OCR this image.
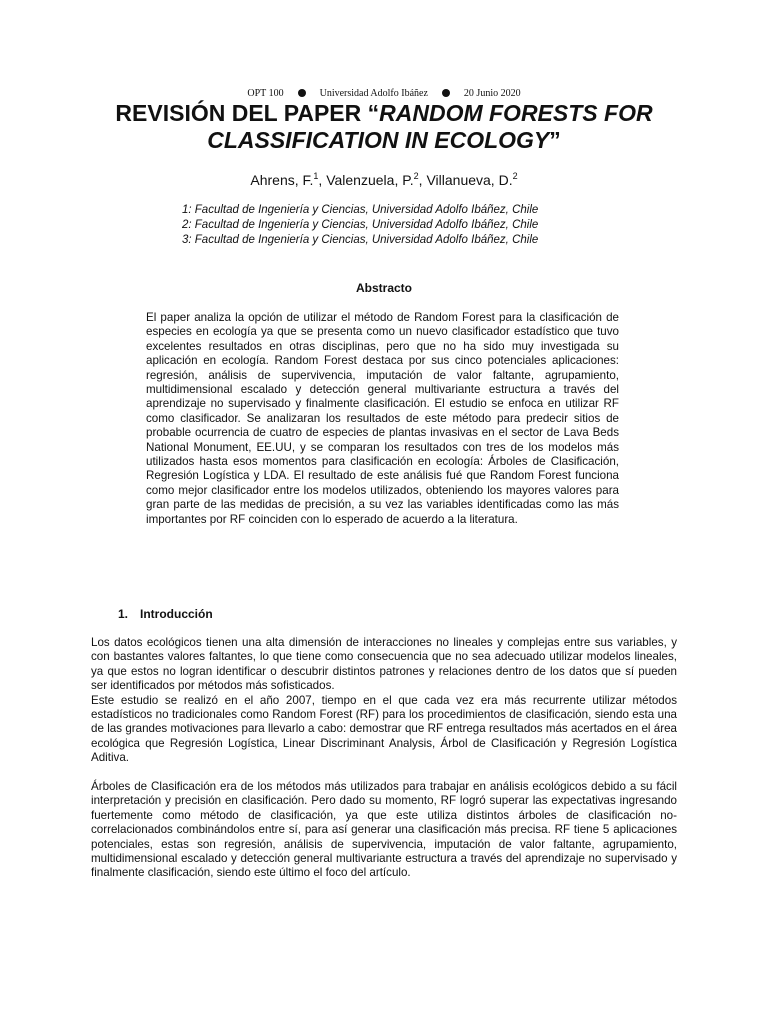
OPT 100	Universidad Adolfo Ibáñez	20 Junio 2020
REVISIÓN DEL PAPER “RANDOM FORESTS FOR CLASSIFICATION IN ECOLOGY”
Ahrens, F.$^1$, Valenzuela, P.$^2$, Villanueva, D.$^2$
1: Facultad de Ingeniería y Ciencias, Universidad Adolfo Ibáñez, Chile
2: Facultad de Ingeniería y Ciencias, Universidad Adolfo Ibáñez, Chile
3: Facultad de Ingeniería y Ciencias, Universidad Adolfo Ibáñez, Chile
Abstracto
El paper analiza la opción de utilizar el método de Random Forest para la clasificación de especies en ecología ya que se presenta como un nuevo clasificador estadístico que tuvo excelentes resultados en otras disciplinas, pero que no ha sido muy investigada su aplicación en ecología. Random Forest destaca por sus cinco potenciales aplicaciones: regresión, análisis de supervivencia, imputación de valor faltante, agrupamiento, multidimensional escalado y detección general multivariante estructura a través del aprendizaje no supervisado y finalmente clasificación. El estudio se enfoca en utilizar RF como clasificador. Se analizaran los resultados de este método para predecir sitios de probable ocurrencia de cuatro de especies de plantas invasivas en el sector de Lava Beds National Monument, EE.UU, y se comparan los resultados con tres de los modelos más utilizados hasta esos momentos para clasificación en ecología: Árboles de Clasificación, Regresión Logística y LDA. El resultado de este análisis fué que Random Forest funciona como mejor clasificador entre los modelos utilizados, obteniendo los mayores valores para gran parte de las medidas de precisión, a su vez las variables identificadas como las más importantes por RF coinciden con lo esperado de acuerdo a la literatura.
1. Introducción

Los datos ecológicos tienen una alta dimensión de interacciones no lineales y complejas entre sus variables, y con bastantes valores faltantes, lo que tiene como consecuencia que no sea adecuado utilizar modelos lineales, ya que estos no logran identificar o descubrir distintos patrones y relaciones dentro de los datos que sí pueden ser identificados por métodos más sofisticados.

Este estudio se realizó en el año 2007, tiempo en el que cada vez era más recurrente utilizar métodos estadísticos no tradicionales como Random Forest (RF) para los procedimientos de clasificación, siendo esta una de las grandes motivaciones para llevarlo a cabo: demostrar que RF entrega resultados más acertados en el área ecológica que Regresión Logística, Linear Discriminant Analysis, Árbol de Clasificación y Regresión Logística Aditiva.

Árboles de Clasificación era de los métodos más utilizados para trabajar en análisis ecológicos debido a su fácil interpretación y precisión en clasificación. Pero dado su momento, RF logró superar las expectativas ingresando fuertemente como método de clasificación, ya que este utiliza distintos árboles de clasificación no-correlacionados combinándolos entre sí, para así generar una clasificación más precisa. RF tiene 5 aplicaciones potenciales, estas son regresión, análisis de supervivencia, imputación de valor faltante, agrupamiento, multidimensional escalado y detección general multivariante estructura a través del aprendizaje no supervisado y finalmente clasificación, siendo este último el foco del artículo.
